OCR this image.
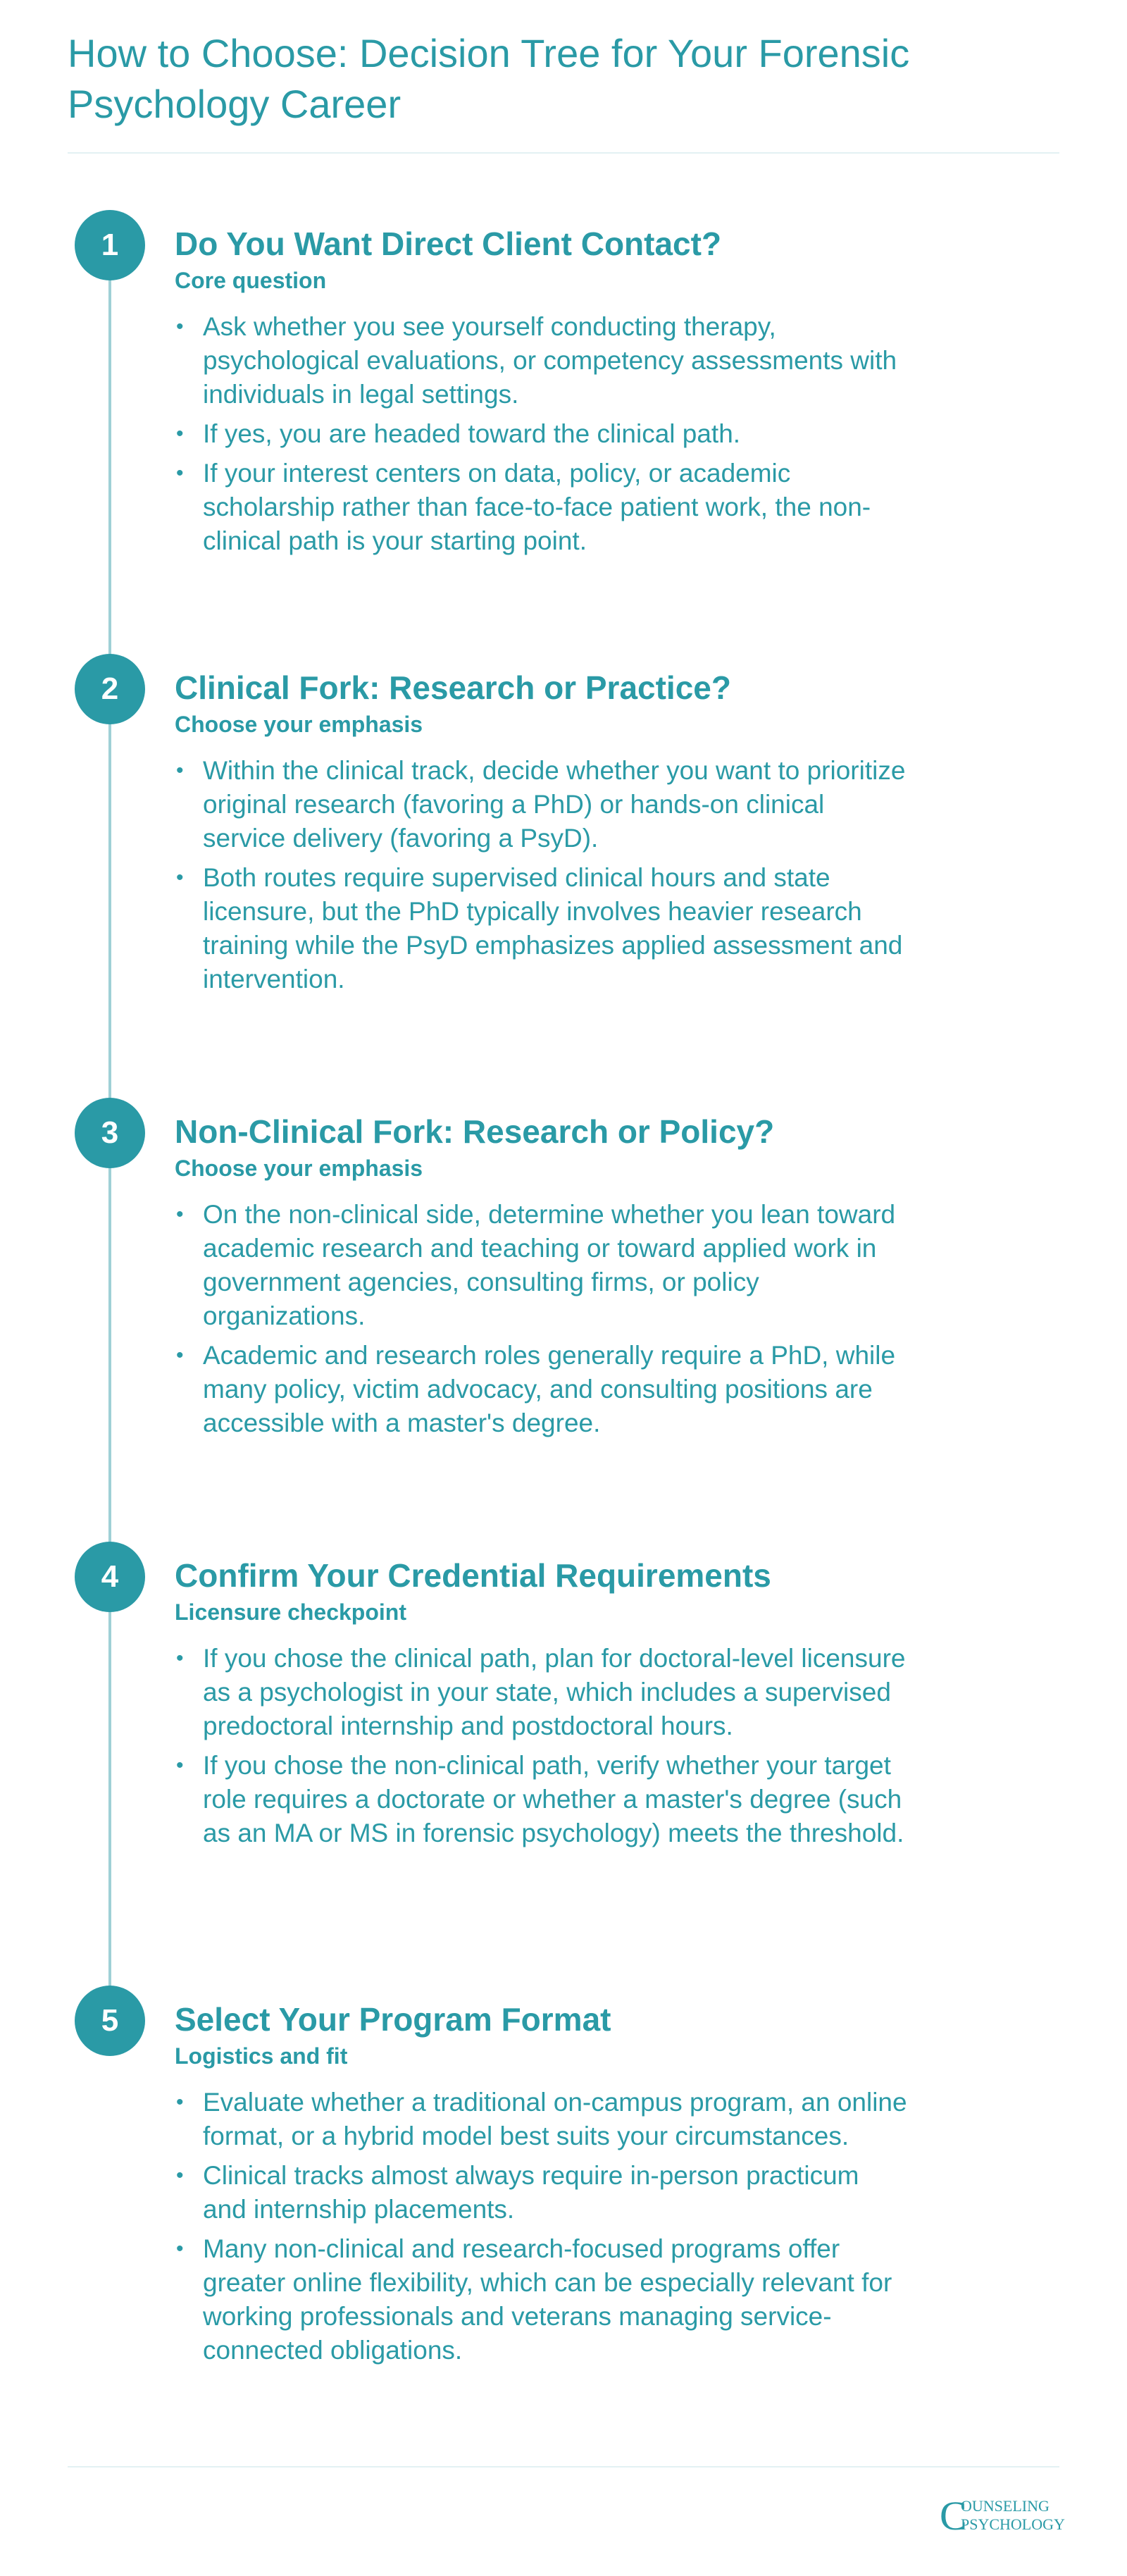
How to Choose: Decision Tree for Your Forensic Psychology Career
1	Do You Want Direct Client Contact?
Core question
• Ask whether you see yourself conducting therapy, psychological evaluations, or competency assessments with individuals in legal settings.
• If yes, you are headed toward the clinical path.
• If your interest centers on data, policy, or academic scholarship rather than face-to-face patient work, the non-clinical path is your starting point.
2	Clinical Fork: Research or Practice?
Choose your emphasis
• Within the clinical track, decide whether you want to prioritize original research (favoring a PhD) or hands-on clinical service delivery (favoring a PsyD).
• Both routes require supervised clinical hours and state licensure, but the PhD typically involves heavier research training while the PsyD emphasizes applied assessment and intervention.
3	Non-Clinical Fork: Research or Policy?
Choose your emphasis
• On the non-clinical side, determine whether you lean toward academic research and teaching or toward applied work in government agencies, consulting firms, or policy organizations.
• Academic and research roles generally require a PhD, while many policy, victim advocacy, and consulting positions are accessible with a master's degree.
4	Confirm Your Credential Requirements
Licensure checkpoint
• If you chose the clinical path, plan for doctoral-level licensure as a psychologist in your state, which includes a supervised predoctoral internship and postdoctoral hours.
• If you chose the non-clinical path, verify whether your target role requires a doctorate or whether a master's degree (such as an MA or MS in forensic psychology) meets the threshold.
5	Select Your Program Format
Logistics and fit
• Evaluate whether a traditional on-campus program, an online format, or a hybrid model best suits your circumstances.
• Clinical tracks almost always require in-person practicum and internship placements.
• Many non-clinical and research-focused programs offer greater online flexibility, which can be especially relevant for working professionals and veterans managing service-connected obligations.
C
OUNSELING
PSYCHOLOGY
